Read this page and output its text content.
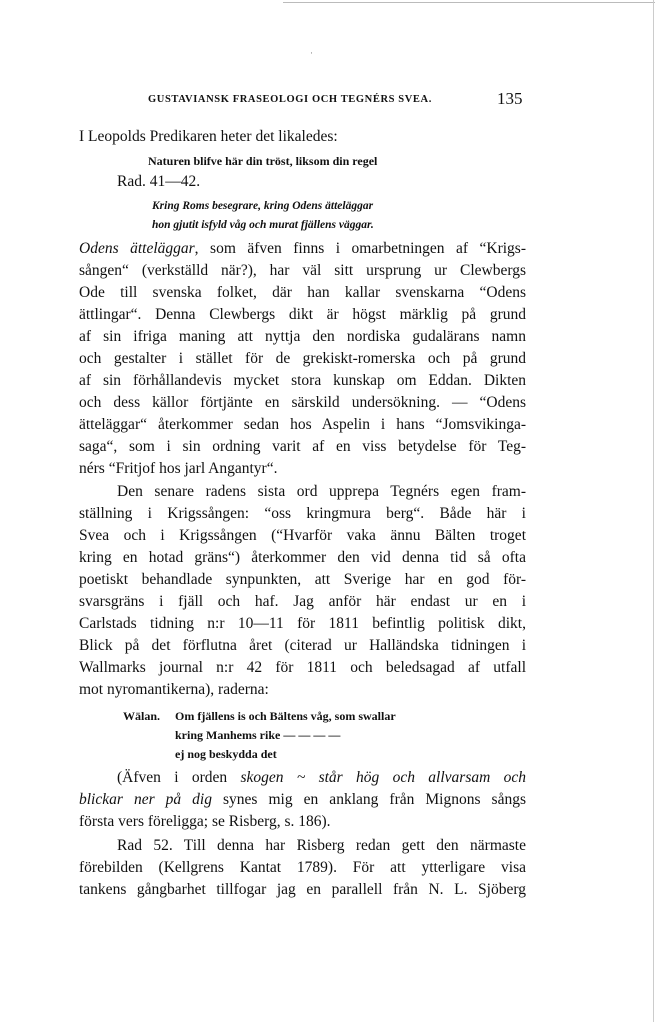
·
GUSTAVIANSK FRASEOLOGI OCH TEGNÉRS SVEA.	135
I Leopolds Predikaren heter det likaledes:
Naturen blifve här din tröst, liksom din regel
Rad. 41—42.
Kring Roms besegrare, kring Odens ätteläggar
hon gjutit isfyld våg och murat fjällens väggar.
Odens ätteläggar, som äfven finns i omarbetningen af “Krigs-
sången“ (verkställd när?), har väl sitt ursprung ur Clewbergs
Ode till svenska folket, där han kallar svenskarna “Odens
ättlingar“. Denna Clewbergs dikt är högst märklig på grund
af sin ifriga maning att nyttja den nordiska gudalärans namn
och gestalter i stället för de grekiskt-romerska och på grund
af sin förhållandevis mycket stora kunskap om Eddan. Dikten
och dess källor förtjänte en särskild undersökning. — “Odens
ätteläggar“ återkommer sedan hos Aspelin i hans “Jomsvikinga-
saga“, som i sin ordning varit af en viss betydelse för Teg-
nérs “Fritjof hos jarl Angantyr“.
Den senare radens sista ord upprepa Tegnérs egen fram-
ställning i Krigssången: “oss kringmura berg“. Både här i
Svea och i Krigssången (“Hvarför vaka ännu Bälten troget
kring en hotad gräns“) återkommer den vid denna tid så ofta
poetiskt behandlade synpunkten, att Sverige har en god för-
svarsgräns i fjäll och haf. Jag anför här endast ur en i
Carlstads tidning n:r 10—11 för 1811 befintlig politisk dikt,
Blick på det förflutna året (citerad ur Halländska tidningen i
Wallmarks journal n:r 42 för 1811 och beledsagad af utfall
mot nyromantikerna), raderna:
Wälan. Om fjällens is och Bältens våg, som swallar
kring Manhems rike — — — —
ej nog beskydda det
(Äfven i orden skogen ~ står hög och allvarsam och
blickar ner på dig synes mig en anklang från Mignons sångs
första vers föreligga; se Risberg, s. 186).
Rad 52. Till denna har Risberg redan gett den närmaste
förebilden (Kellgrens Kantat 1789). För att ytterligare visa
tankens gångbarhet tillfogar jag en parallell från N. L. Sjöberg
